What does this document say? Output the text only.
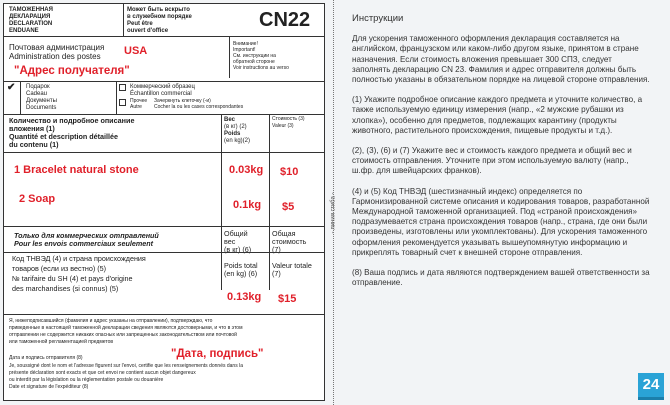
ТАМОЖЕННАЯ
ДЕКЛАРАЦИЯ
DECLARATION
ENDUANE
Может быть вскрыто
в служебном порядке
Peut être
ouvert d'office	CN22
Почтовая администрация
Administration des postes USA
"Адрес получателя"
Внимание!
Important!
См. инструкции на
обратной стороне
Voir instructions au verso
✔ Подарок
Cadeau
Документы
Documents
Коммерческий образец
Échantillon commercial
Прочее
Autre
Зачеркнуть клеточку (-и)
Cocher la ou les cases correspondantes
Количество и подробное описание
вложения (1)
Quantité et description détaillée
du contenu (1)
Вес
(в кг) (2)
Poids
(en kg)(2)
Стоимость (3)
Valeur (3)
1 Bracelet natural stone	0.03kg $10
2 Soap	0.1kg $5
Только для коммерческих отправлений
Pour les envois commerciaux seulement
Общий
вес
(в кг) (6)
Общая
стоимость
(7)
Код ТНВЭД (4) и страна происхождения
товаров (если из вестно) (5)
№ tarifaire du SH (4) et pays d'origine
des marchandises (si connus) (5)
Poids total
(en kg) (6)
Valeur totale
(7)
0.13kg $15
Я, нижеподписавшийся (фамилия и адрес указаны на отправлении), подтверждаю, что
приведенные в настоящей таможенной декларации сведения являются достоверными, и что в этом
отправлении не содержится никаких опасных или запрещенных законодательством или почтовой
или таможенной регламентацией предметов
Дата и подпись отправителя (8)	"Дата, подпись"
Je, soussigné dont le nom et l'adresse figurent sur l'envoi, certifie que les renseignements donnés dans la
présente déclaration sont exacts et que cet envoi ne contient aucun objet dangereux
ou interdit par la législation ou la réglementation postale ou douanière
Date et signature de l'expéditeur (8)
- линия сгиба -
Инструкции

Для ускорения таможенного оформления декларация составляется на английском, французском или каком-либо другом языке, принятом в стране назначения. Если стоимость вложения превышает 300 СПЗ, следует заполнять декларацию CN 23. Фамилия и адрес отправителя должны быть полностью указаны в обязательном порядке на лицевой стороне отправления.

(1) Укажите подробное описание каждого предмета и уточните количество, а также используемую единицу измерения (напр., «2 мужские рубашки из хлопка»), особенно для предметов, подлежащих карантину (продукты животного, растительного происхождения, пищевые продукты и т.д.).

(2), (3), (6) и (7) Укажите вес и стоимость каждого предмета и общий вес и стоимость отправления. Уточните при этом используемую валюту (напр., ш.фр. для швейцарских франков).

(4) и (5) Код ТНВЭД (шестизначный индекс) определяется по Гармонизированной системе описания и кодирования товаров, разработанной Международной таможенной организацией. Под «страной происхождения» подразумевается страна происхождения товаров (напр., страна, где они были произведены, изготовлены или укомплектованы). Для ускорения таможенного оформления рекомендуется указывать вышеупомянутую информацию и прикреплять товарный счет к внешней стороне отправления.

(8) Ваша подпись и дата являются подтверждением вашей ответственности за отправление.

24
